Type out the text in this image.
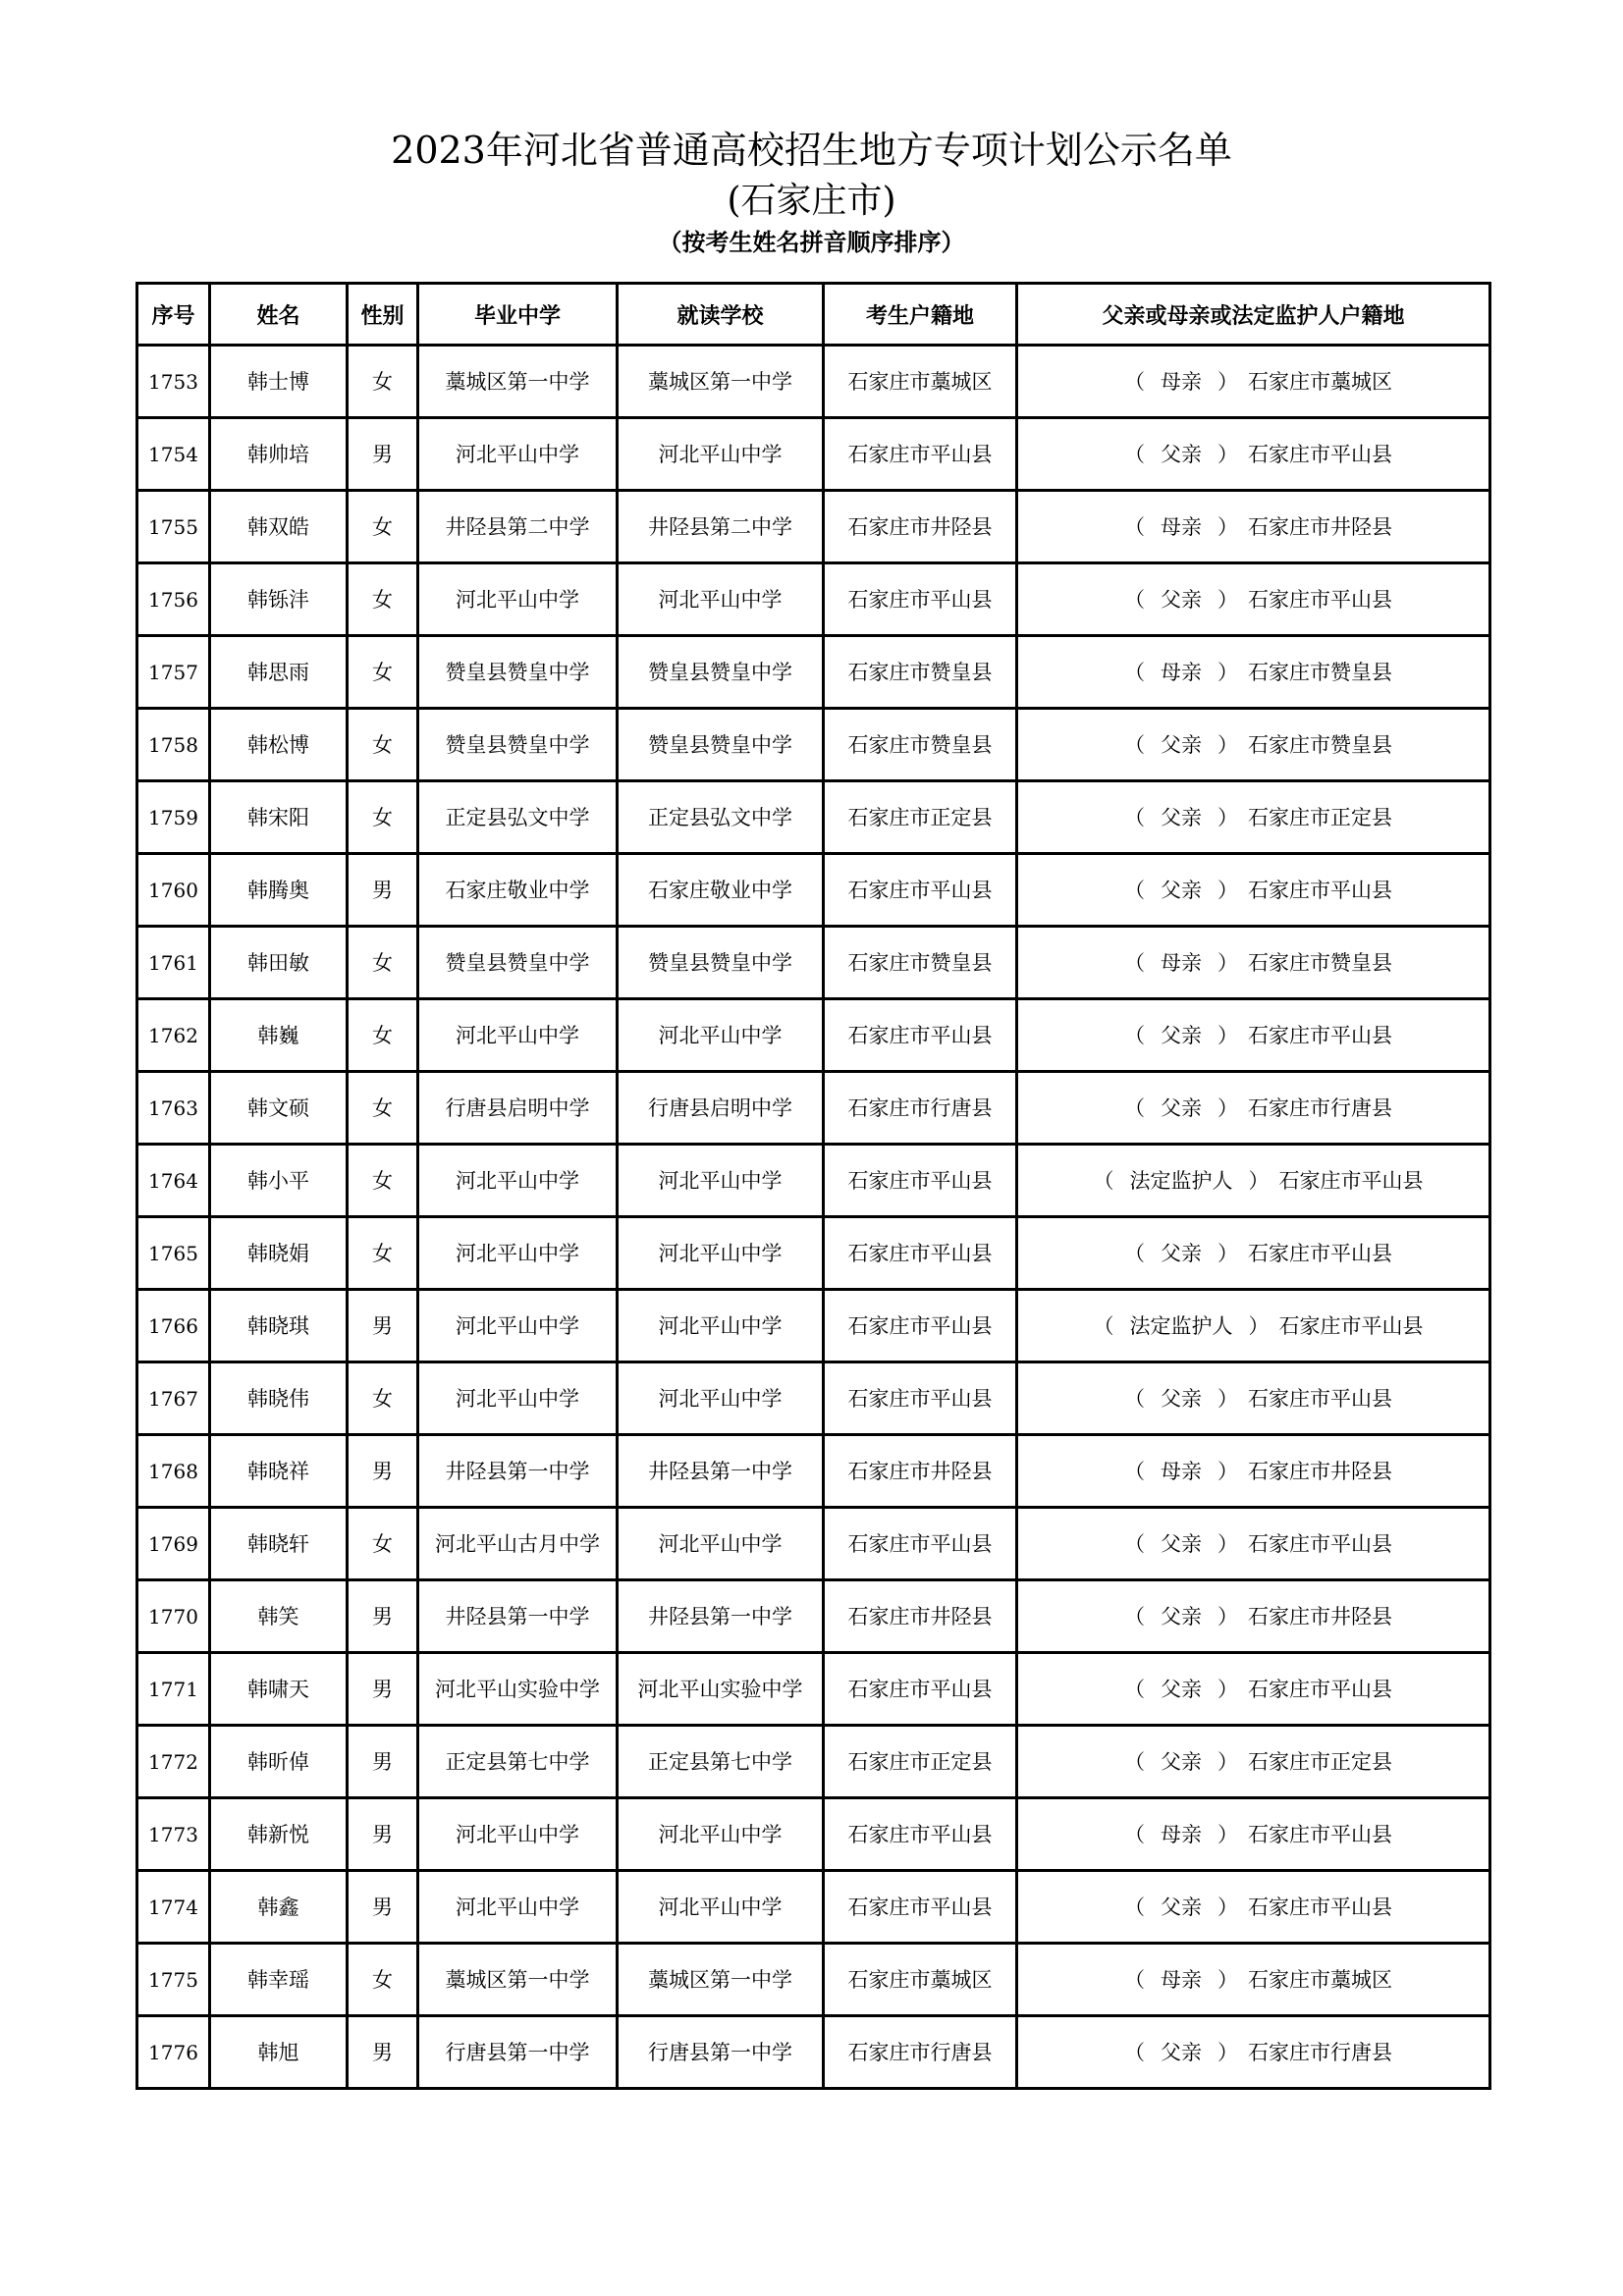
2023年河北省普通高校招生地方专项计划公示名单
(石家庄市)
（按考生姓名拼音顺序排序）
序号	姓名	性别	毕业中学	就读学校	考生户籍地	父亲或母亲或法定监护人户籍地
1753	韩士博	女	藁城区第一中学	藁城区第一中学	石家庄市藁城区	（ 母亲 ） 石家庄市藁城区
1754	韩帅培	男	河北平山中学	河北平山中学	石家庄市平山县	（ 父亲 ） 石家庄市平山县
1755	韩双皓	女	井陉县第二中学	井陉县第二中学	石家庄市井陉县	（ 母亲 ） 石家庄市井陉县
1756	韩铄沣	女	河北平山中学	河北平山中学	石家庄市平山县	（ 父亲 ） 石家庄市平山县
1757	韩思雨	女	赞皇县赞皇中学	赞皇县赞皇中学	石家庄市赞皇县	（ 母亲 ） 石家庄市赞皇县
1758	韩松博	女	赞皇县赞皇中学	赞皇县赞皇中学	石家庄市赞皇县	（ 父亲 ） 石家庄市赞皇县
1759	韩宋阳	女	正定县弘文中学	正定县弘文中学	石家庄市正定县	（ 父亲 ） 石家庄市正定县
1760	韩腾奥	男	石家庄敬业中学	石家庄敬业中学	石家庄市平山县	（ 父亲 ） 石家庄市平山县
1761	韩田敏	女	赞皇县赞皇中学	赞皇县赞皇中学	石家庄市赞皇县	（ 母亲 ） 石家庄市赞皇县
1762	韩巍	女	河北平山中学	河北平山中学	石家庄市平山县	（ 父亲 ） 石家庄市平山县
1763	韩文硕	女	行唐县启明中学	行唐县启明中学	石家庄市行唐县	（ 父亲 ） 石家庄市行唐县
1764	韩小平	女	河北平山中学	河北平山中学	石家庄市平山县	（ 法定监护人 ） 石家庄市平山县
1765	韩晓娟	女	河北平山中学	河北平山中学	石家庄市平山县	（ 父亲 ） 石家庄市平山县
1766	韩晓琪	男	河北平山中学	河北平山中学	石家庄市平山县	（ 法定监护人 ） 石家庄市平山县
1767	韩晓伟	女	河北平山中学	河北平山中学	石家庄市平山县	（ 父亲 ） 石家庄市平山县
1768	韩晓祥	男	井陉县第一中学	井陉县第一中学	石家庄市井陉县	（ 母亲 ） 石家庄市井陉县
1769	韩晓轩	女	河北平山古月中学	河北平山中学	石家庄市平山县	（ 父亲 ） 石家庄市平山县
1770	韩笑	男	井陉县第一中学	井陉县第一中学	石家庄市井陉县	（ 父亲 ） 石家庄市井陉县
1771	韩啸天	男	河北平山实验中学	河北平山实验中学	石家庄市平山县	（ 父亲 ） 石家庄市平山县
1772	韩昕倬	男	正定县第七中学	正定县第七中学	石家庄市正定县	（ 父亲 ） 石家庄市正定县
1773	韩新悦	男	河北平山中学	河北平山中学	石家庄市平山县	（ 母亲 ） 石家庄市平山县
1774	韩鑫	男	河北平山中学	河北平山中学	石家庄市平山县	（ 父亲 ） 石家庄市平山县
1775	韩幸瑶	女	藁城区第一中学	藁城区第一中学	石家庄市藁城区	（ 母亲 ） 石家庄市藁城区
1776	韩旭	男	行唐县第一中学	行唐县第一中学	石家庄市行唐县	（ 父亲 ） 石家庄市行唐县
